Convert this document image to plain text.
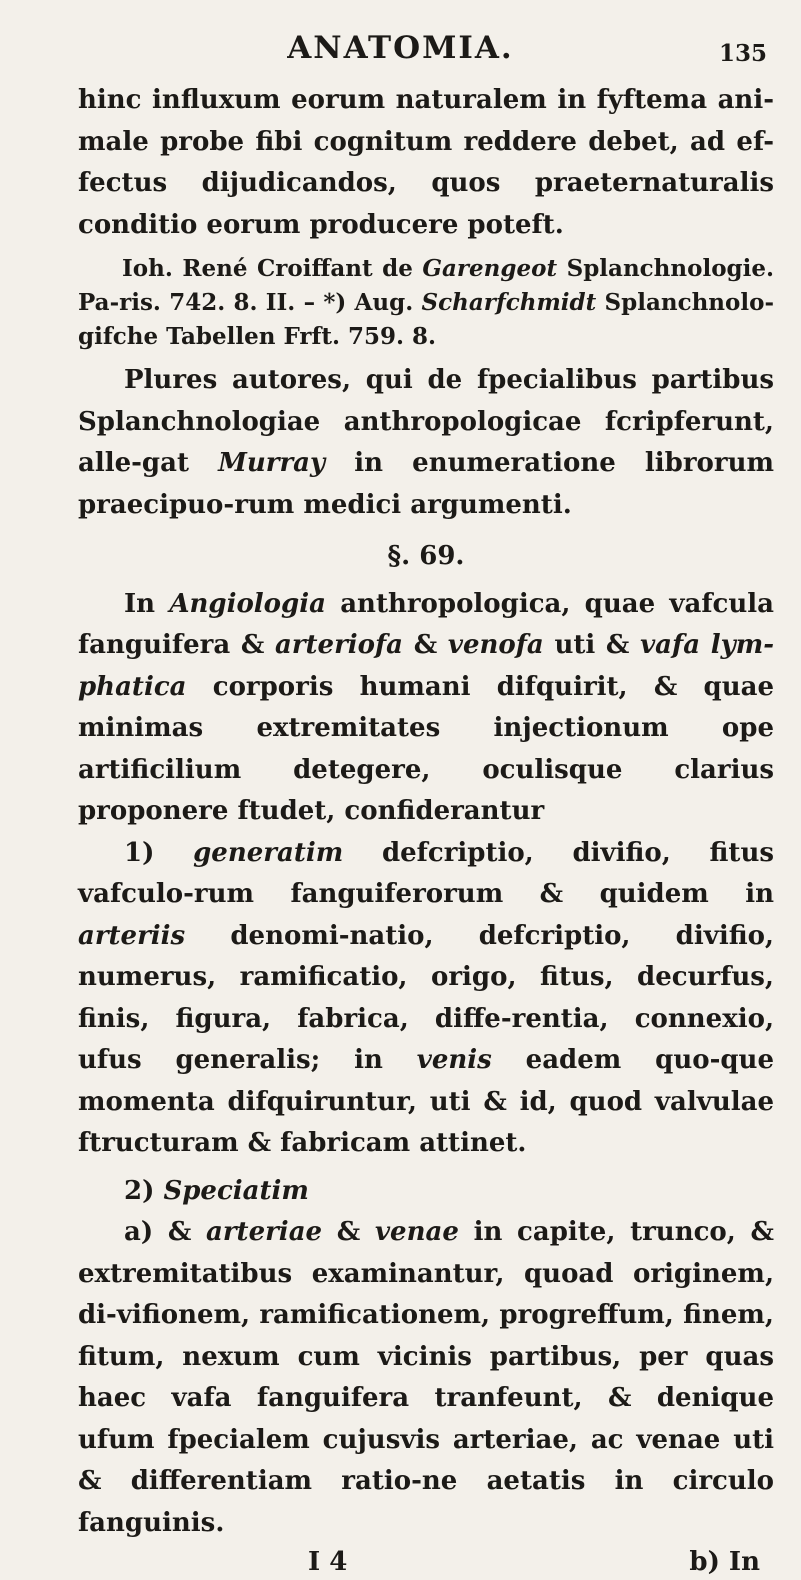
ANATOMIA.	135

hinc influxum eorum naturalem in fyftema ani-male probe fibi cognitum reddere debet, ad ef-fectus dijudicandos, quos praeternaturalis conditio eorum producere poteft.

Ioh. René Croiffant de Garengeot Splanchnologie. Pa-ris. 742. 8. II. – *) Aug. Scharfchmidt Splanchnolo-gifche Tabellen Frft. 759. 8.

Plures autores, qui de fpecialibus partibus Splanchnologiae anthropologicae fcripferunt, alle-gat Murray in enumeratione librorum praecipuo-rum medici argumenti.

§. 69.

In Angiologia anthropologica, quae vafcula fanguifera & arteriofa & venofa uti & vafa lym-phatica corporis humani difquirit, & quae minimas extremitates injectionum ope artificilium detegere, oculisque clarius proponere ftudet, confiderantur

1) generatim defcriptio, divifio, fitus vafculo-rum fanguiferorum & quidem in arteriis denomi-natio, defcriptio, divifio, numerus, ramificatio, origo, fitus, decurfus, finis, figura, fabrica, diffe-rentia, connexio, ufus generalis; in venis eadem quo-que momenta difquiruntur, uti & id, quod valvulae ftructuram & fabricam attinet.

2) Speciatim

a) & arteriae & venae in capite, trunco, & extremitatibus examinantur, quoad originem, di-vifionem, ramificationem, progreffum, finem, fitum, nexum cum vicinis partibus, per quas haec vafa fanguifera tranfeunt, & denique ufum fpecialem cujusvis arteriae, ac venae uti & differentiam ratio-ne aetatis in circulo fanguinis.

I 4	b) In
